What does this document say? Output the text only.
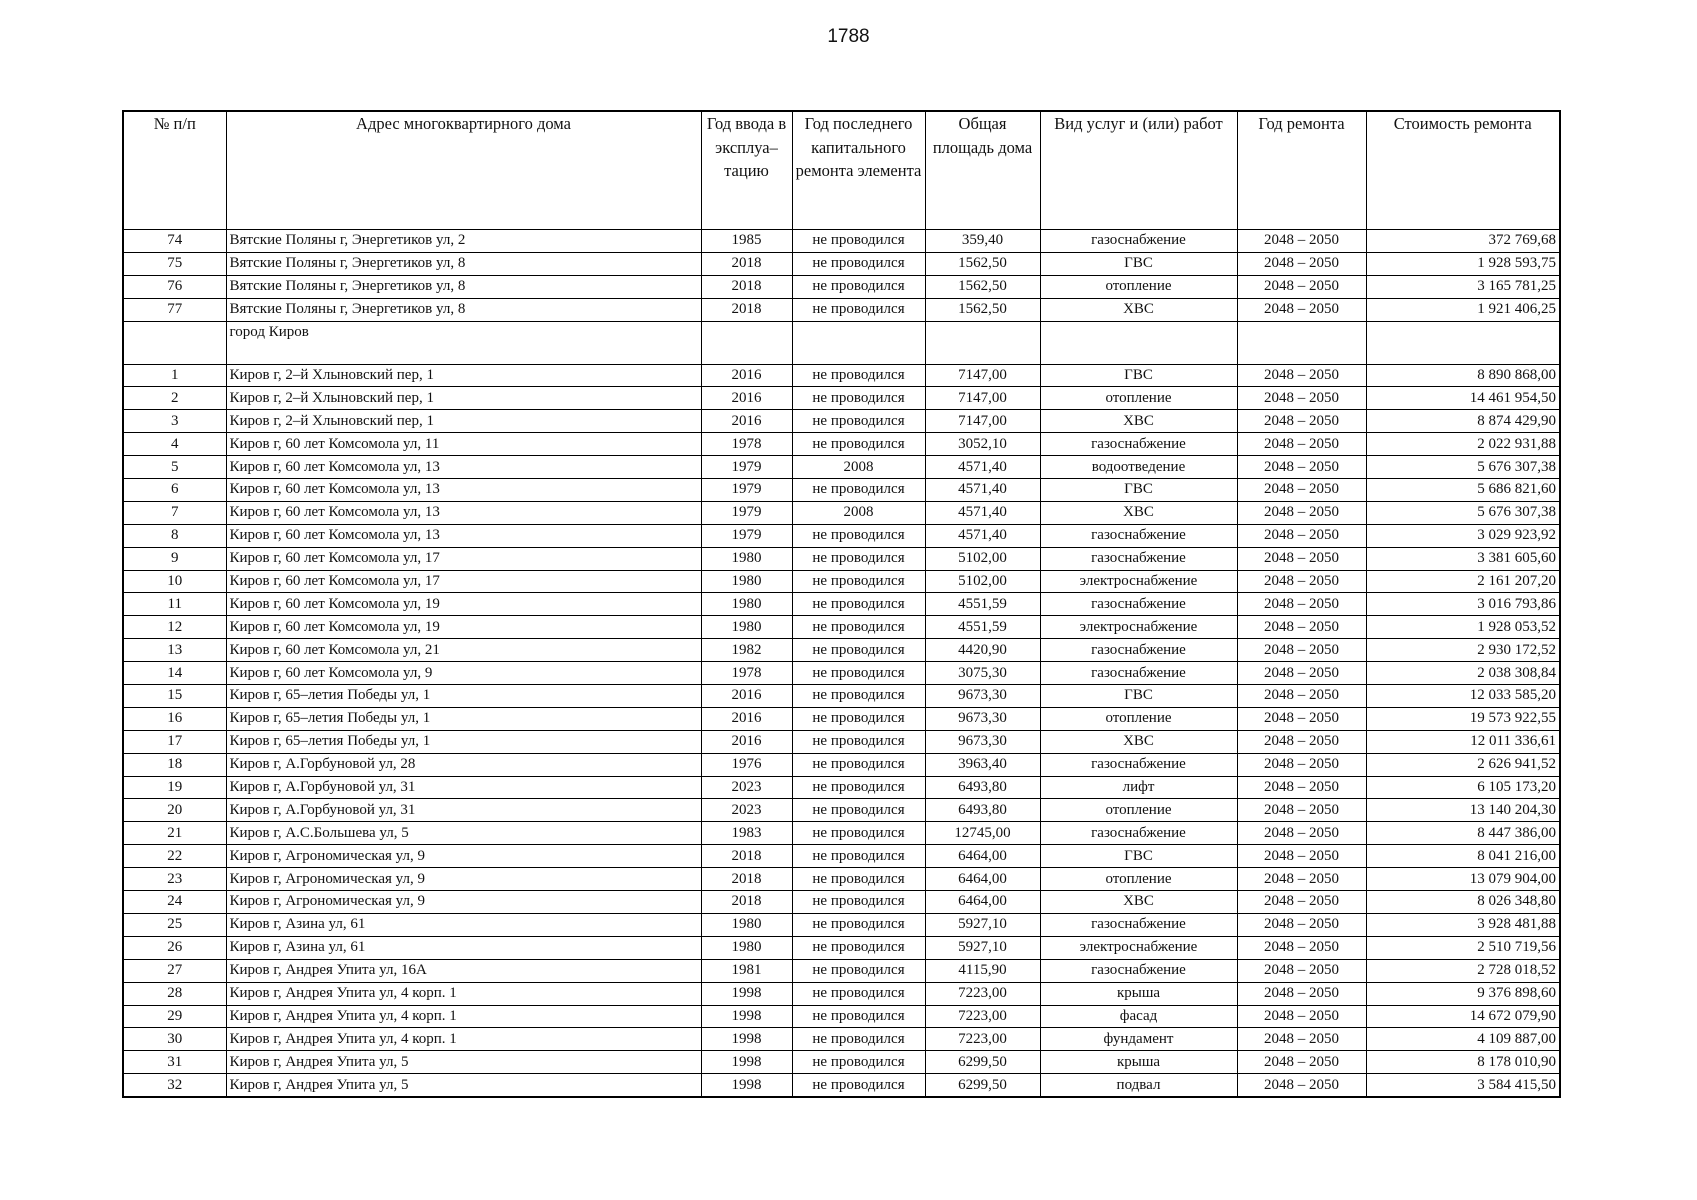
1788
№ п/п	Адрес многоквартирного дома	Год ввода в эксплуа– тацию	Год последнего капитального ремонта элемента	Общая площадь дома	Вид услуг и (или) работ	Год ремонта	Стоимость ремонта
74	Вятские Поляны г, Энергетиков ул, 2	1985	не проводился	359,40	газоснабжение	2048 – 2050	372 769,68
75	Вятские Поляны г, Энергетиков ул, 8	2018	не проводился	1562,50	ГВС	2048 – 2050	1 928 593,75
76	Вятские Поляны г, Энергетиков ул, 8	2018	не проводился	1562,50	отопление	2048 – 2050	3 165 781,25
77	Вятские Поляны г, Энергетиков ул, 8	2018	не проводился	1562,50	ХВС	2048 – 2050	1 921 406,25
	город Киров						
1	Киров г, 2–й Хлыновский пер, 1	2016	не проводился	7147,00	ГВС	2048 – 2050	8 890 868,00
2	Киров г, 2–й Хлыновский пер, 1	2016	не проводился	7147,00	отопление	2048 – 2050	14 461 954,50
3	Киров г, 2–й Хлыновский пер, 1	2016	не проводился	7147,00	ХВС	2048 – 2050	8 874 429,90
4	Киров г, 60 лет Комсомола ул, 11	1978	не проводился	3052,10	газоснабжение	2048 – 2050	2 022 931,88
5	Киров г, 60 лет Комсомола ул, 13	1979	2008	4571,40	водоотведение	2048 – 2050	5 676 307,38
6	Киров г, 60 лет Комсомола ул, 13	1979	не проводился	4571,40	ГВС	2048 – 2050	5 686 821,60
7	Киров г, 60 лет Комсомола ул, 13	1979	2008	4571,40	ХВС	2048 – 2050	5 676 307,38
8	Киров г, 60 лет Комсомола ул, 13	1979	не проводился	4571,40	газоснабжение	2048 – 2050	3 029 923,92
9	Киров г, 60 лет Комсомола ул, 17	1980	не проводился	5102,00	газоснабжение	2048 – 2050	3 381 605,60
10	Киров г, 60 лет Комсомола ул, 17	1980	не проводился	5102,00	электроснабжение	2048 – 2050	2 161 207,20
11	Киров г, 60 лет Комсомола ул, 19	1980	не проводился	4551,59	газоснабжение	2048 – 2050	3 016 793,86
12	Киров г, 60 лет Комсомола ул, 19	1980	не проводился	4551,59	электроснабжение	2048 – 2050	1 928 053,52
13	Киров г, 60 лет Комсомола ул, 21	1982	не проводился	4420,90	газоснабжение	2048 – 2050	2 930 172,52
14	Киров г, 60 лет Комсомола ул, 9	1978	не проводился	3075,30	газоснабжение	2048 – 2050	2 038 308,84
15	Киров г, 65–летия Победы ул, 1	2016	не проводился	9673,30	ГВС	2048 – 2050	12 033 585,20
16	Киров г, 65–летия Победы ул, 1	2016	не проводился	9673,30	отопление	2048 – 2050	19 573 922,55
17	Киров г, 65–летия Победы ул, 1	2016	не проводился	9673,30	ХВС	2048 – 2050	12 011 336,61
18	Киров г, А.Горбуновой ул, 28	1976	не проводился	3963,40	газоснабжение	2048 – 2050	2 626 941,52
19	Киров г, А.Горбуновой ул, 31	2023	не проводился	6493,80	лифт	2048 – 2050	6 105 173,20
20	Киров г, А.Горбуновой ул, 31	2023	не проводился	6493,80	отопление	2048 – 2050	13 140 204,30
21	Киров г, А.С.Большева ул, 5	1983	не проводился	12745,00	газоснабжение	2048 – 2050	8 447 386,00
22	Киров г, Агрономическая ул, 9	2018	не проводился	6464,00	ГВС	2048 – 2050	8 041 216,00
23	Киров г, Агрономическая ул, 9	2018	не проводился	6464,00	отопление	2048 – 2050	13 079 904,00
24	Киров г, Агрономическая ул, 9	2018	не проводился	6464,00	ХВС	2048 – 2050	8 026 348,80
25	Киров г, Азина ул, 61	1980	не проводился	5927,10	газоснабжение	2048 – 2050	3 928 481,88
26	Киров г, Азина ул, 61	1980	не проводился	5927,10	электроснабжение	2048 – 2050	2 510 719,56
27	Киров г, Андрея Упита ул, 16А	1981	не проводился	4115,90	газоснабжение	2048 – 2050	2 728 018,52
28	Киров г, Андрея Упита ул, 4 корп. 1	1998	не проводился	7223,00	крыша	2048 – 2050	9 376 898,60
29	Киров г, Андрея Упита ул, 4 корп. 1	1998	не проводился	7223,00	фасад	2048 – 2050	14 672 079,90
30	Киров г, Андрея Упита ул, 4 корп. 1	1998	не проводился	7223,00	фундамент	2048 – 2050	4 109 887,00
31	Киров г, Андрея Упита ул, 5	1998	не проводился	6299,50	крыша	2048 – 2050	8 178 010,90
32	Киров г, Андрея Упита ул, 5	1998	не проводился	6299,50	подвал	2048 – 2050	3 584 415,50
